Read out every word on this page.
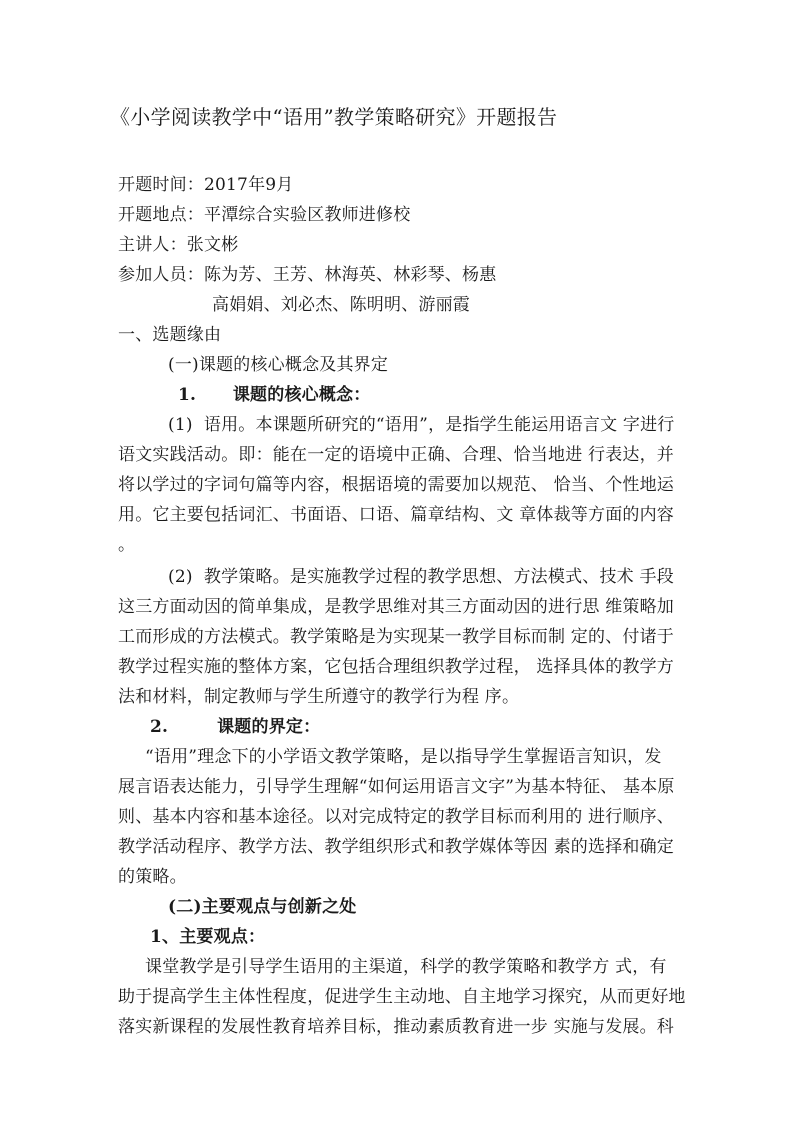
《小学阅读教学中“语用”教学策略研究》开题报告
开题时间：2017年9月
开题地点：平潭综合实验区教师进修校
主讲人：张文彬
参加人员：陈为芳、王芳、林海英、林彩琴、杨惠
高娟娟、刘必杰、陈明明、游丽霞
一、选题缘由
(一)课题的核心概念及其界定
1.      课题的核心概念：
(1)  语用。本课题所研究的“语用”，是指学生能运用语言文 字进行
语文实践活动。即：能在一定的语境中正确、合理、恰当地进 行表达，并
将以学过的字词句篇等内容，根据语境的需要加以规范、 恰当、个性地运
用。它主要包括词汇、书面语、口语、篇章结构、文 章体裁等方面的内容
。
(2)  教学策略。是实施教学过程的教学思想、方法模式、技术 手段
这三方面动因的简单集成，是教学思维对其三方面动因的进行思 维策略加
工而形成的方法模式。教学策略是为实现某一教学目标而制 定的、付诸于
教学过程实施的整体方案，它包括合理组织教学过程， 选择具体的教学方
法和材料，制定教师与学生所遵守的教学行为程 序。
2.        课题的界定：
“语用”理念下的小学语文教学策略，是以指导学生掌握语言知识，发
展言语表达能力，引导学生理解“如何运用语言文字”为基本特征、 基本原
则、基本内容和基本途径。以对完成特定的教学目标而利用的 进行顺序、
教学活动程序、教学方法、教学组织形式和教学媒体等因 素的选择和确定
的策略。
(二)主要观点与创新之处
1、主要观点：
课堂教学是引导学生语用的主渠道，科学的教学策略和教学方 式，有
助于提高学生主体性程度，促进学生主动地、自主地学习探究，从而更好地
落实新课程的发展性教育培养目标，推动素质教育进一步 实施与发展。科
